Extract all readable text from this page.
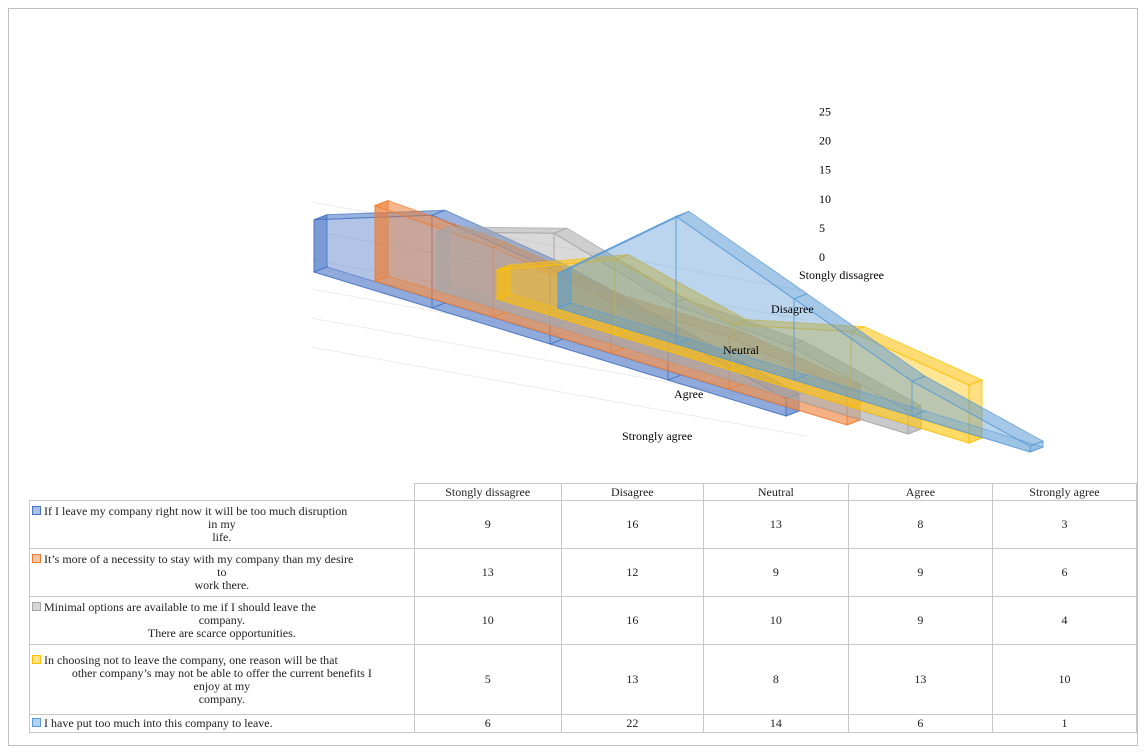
0
5
10
15
20
25
Stongly dissagree
Disagree
Neutral
Agree
Strongly agree
	Stongly dissagree	Disagree	Neutral	Agree	Strongly agree

If I leave my company right now it will be too much disruption
in my
life.	9	16	13	8	3

It’s more of a necessity to stay with my company than my desire
to
work there.	13	12	9	9	6

Minimal options are available to me if I should leave the
company.
There are scarce opportunities.	10	16	10	9	4

In choosing not to leave the company, one reason will be that
other company’s may not be able to offer the current benefits I
enjoy at my
company.	5	13	8	13	10

I have put too much into this company to leave.	6	22	14	6	1
